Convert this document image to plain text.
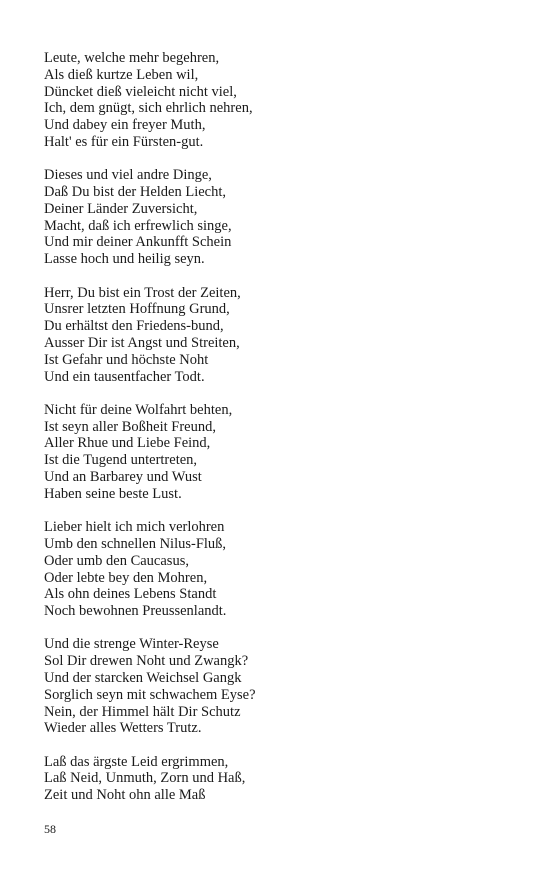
Leute, welche mehr begehren,
Als dieß kurtze Leben wil,
Düncket dieß vieleicht nicht viel,
Ich, dem gnügt, sich ehrlich nehren,
Und dabey ein freyer Muth,
Halt' es für ein Fürsten-gut.
Dieses und viel andre Dinge,
Daß Du bist der Helden Liecht,
Deiner Länder Zuversicht,
Macht, daß ich erfrewlich singe,
Und mir deiner Ankunfft Schein
Lasse hoch und heilig seyn.
Herr, Du bist ein Trost der Zeiten,
Unsrer letzten Hoffnung Grund,
Du erhältst den Friedens-bund,
Ausser Dir ist Angst und Streiten,
Ist Gefahr und höchste Noht
Und ein tausentfacher Todt.
Nicht für deine Wolfahrt behten,
Ist seyn aller Boßheit Freund,
Aller Rhue und Liebe Feind,
Ist die Tugend untertreten,
Und an Barbarey und Wust
Haben seine beste Lust.
Lieber hielt ich mich verlohren
Umb den schnellen Nilus-Fluß,
Oder umb den Caucasus,
Oder lebte bey den Mohren,
Als ohn deines Lebens Standt
Noch bewohnen Preussenlandt.
Und die strenge Winter-Reyse
Sol Dir drewen Noht und Zwangk?
Und der starcken Weichsel Gangk
Sorglich seyn mit schwachem Eyse?
Nein, der Himmel hält Dir Schutz
Wieder alles Wetters Trutz.
Laß das ärgste Leid ergrimmen,
Laß Neid, Unmuth, Zorn und Haß,
Zeit und Noht ohn alle Maß
58
